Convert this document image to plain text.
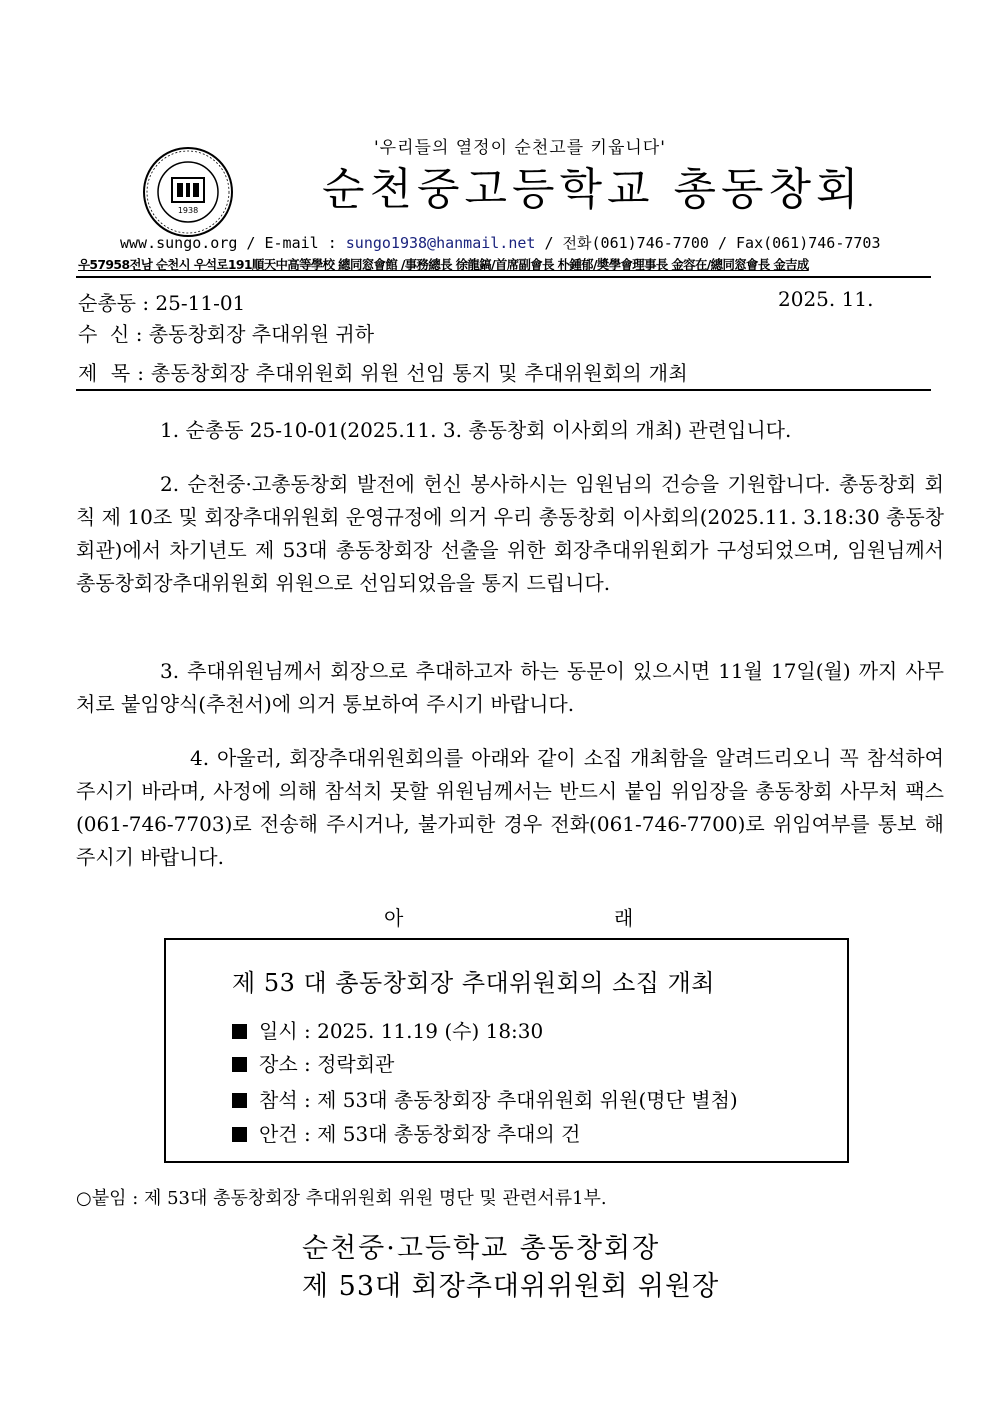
'우리들의 열정이 순천고를 키웁니다'
1938	순천중고등학교 총동창회
www.sungo.org / E-mail : sungo1938@hanmail.net / 전화(061)746-7700 / Fax(061)746-7703
우57958전남 순천시 우석로191順天中高等學校 總同窓會館 /事務總長 徐龍鎬/首席副會長 朴鍾郁/奬學會理事長 金容在/總同窓會長 金吉成
순총동 : 25-11-01	2025. 11.
수  신 : 총동창회장 추대위원 귀하
제  목 : 총동창회장 추대위원회 위원 선임 통지 및 추대위원회의 개최
1. 순총동 25-10-01(2025.11. 3. 총동창회 이사회의 개최) 관련입니다.
2. 순천중·고총동창회 발전에 헌신 봉사하시는 임원님의 건승을 기원합니다. 총동창회 회칙 제 10조 및 회장추대위원회 운영규정에 의거 우리 총동창회 이사회의(2025.11. 3.18:30 총동창회관)에서 차기년도 제 53대 총동창회장 선출을 위한 회장추대위원회가 구성되었으며, 임원님께서 총동창회장추대위원회 위원으로 선임되었음을 통지 드립니다.
3. 추대위원님께서 회장으로 추대하고자 하는 동문이 있으시면 11월 17일(월) 까지 사무처로 붙임양식(추천서)에 의거 통보하여 주시기 바랍니다.
4. 아울러, 회장추대위원회의를 아래와 같이 소집 개최함을 알려드리오니 꼭 참석하여 주시기 바라며, 사정에 의해 참석치 못할 위원님께서는 반드시 붙임 위임장을 총동창회 사무처 팩스(061-746-7703)로 전송해 주시거나, 불가피한 경우 전화(061-746-7700)로 위임여부를 통보 해 주시기 바랍니다.
아	래
제 53 대 총동창회장 추대위원회의 소집 개최
일시 : 2025. 11.19 (수) 18:30
장소 : 정락회관
참석 : 제 53대 총동창회장 추대위원회 위원(명단 별첨)
안건 : 제 53대 총동창회장 추대의 건
○붙임 : 제 53대 총동창회장 추대위원회 위원 명단 및 관련서류1부.
순천중·고등학교 총동창회장
제 53대 회장추대위위원회 위원장
